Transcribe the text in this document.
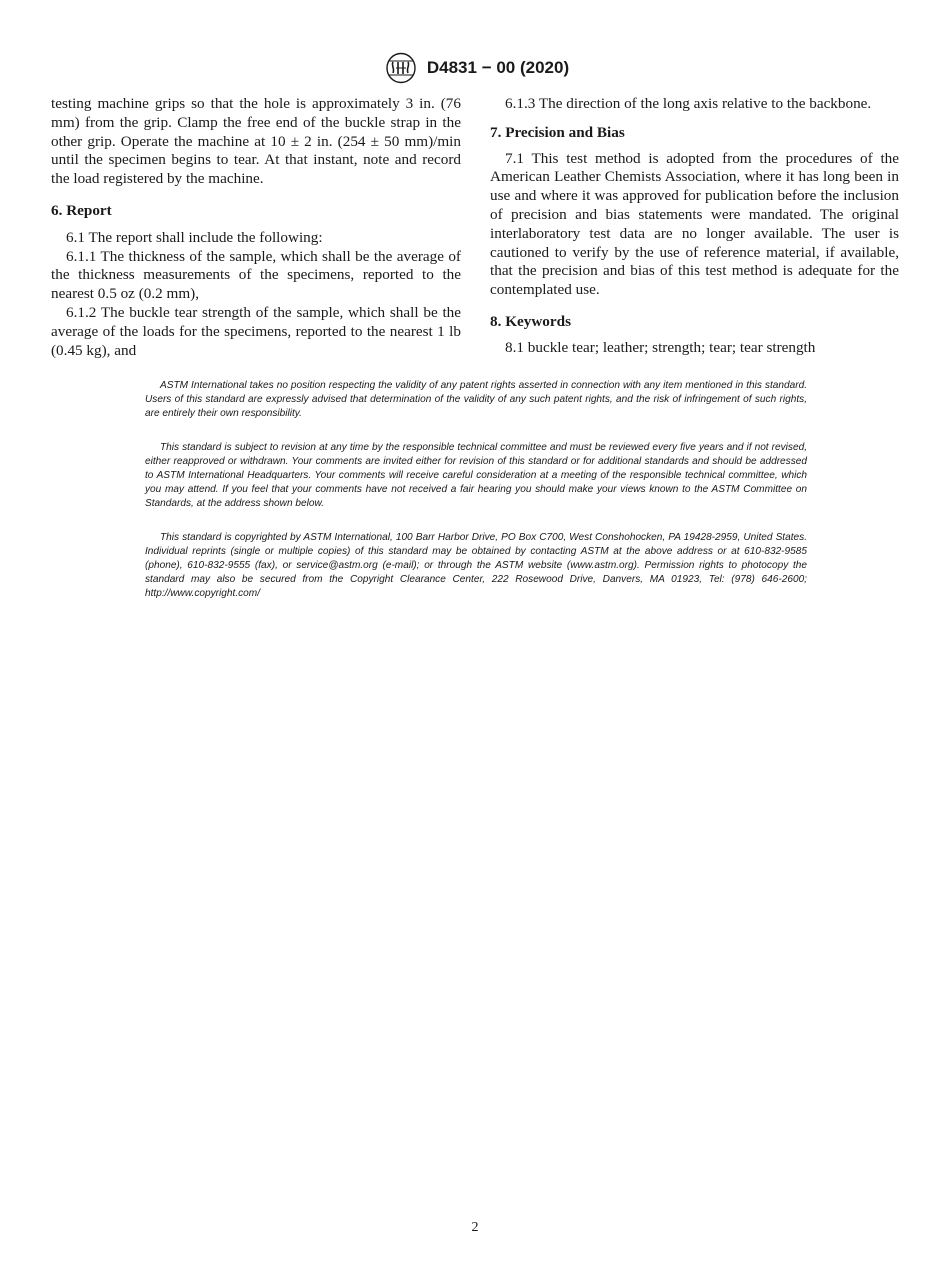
D4831 − 00 (2020)

testing machine grips so that the hole is approximately 3 in. (76 mm) from the grip. Clamp the free end of the buckle strap in the other grip. Operate the machine at 10 ± 2 in. (254 ± 50 mm)/min until the specimen begins to tear. At that instant, note and record the load registered by the machine.

6. Report

6.1 The report shall include the following:

6.1.1 The thickness of the sample, which shall be the average of the thickness measurements of the specimens, reported to the nearest 0.5 oz (0.2 mm),

6.1.2 The buckle tear strength of the sample, which shall be the average of the loads for the specimens, reported to the nearest 1 lb (0.45 kg), and

6.1.3 The direction of the long axis relative to the backbone.

7. Precision and Bias

7.1 This test method is adopted from the procedures of the American Leather Chemists Association, where it has long been in use and where it was approved for publication before the inclusion of precision and bias statements were mandated. The original interlaboratory test data are no longer available. The user is cautioned to verify by the use of reference material, if available, that the precision and bias of this test method is adequate for the contemplated use.

8. Keywords

8.1 buckle tear; leather; strength; tear; tear strength

ASTM International takes no position respecting the validity of any patent rights asserted in connection with any item mentioned in this standard. Users of this standard are expressly advised that determination of the validity of any such patent rights, and the risk of infringement of such rights, are entirely their own responsibility.

This standard is subject to revision at any time by the responsible technical committee and must be reviewed every five years and if not revised, either reapproved or withdrawn. Your comments are invited either for revision of this standard or for additional standards and should be addressed to ASTM International Headquarters. Your comments will receive careful consideration at a meeting of the responsible technical committee, which you may attend. If you feel that your comments have not received a fair hearing you should make your views known to the ASTM Committee on Standards, at the address shown below.

This standard is copyrighted by ASTM International, 100 Barr Harbor Drive, PO Box C700, West Conshohocken, PA 19428-2959, United States. Individual reprints (single or multiple copies) of this standard may be obtained by contacting ASTM at the above address or at 610-832-9585 (phone), 610-832-9555 (fax), or service@astm.org (e-mail); or through the ASTM website (www.astm.org). Permission rights to photocopy the standard may also be secured from the Copyright Clearance Center, 222 Rosewood Drive, Danvers, MA 01923, Tel: (978) 646-2600; http://www.copyright.com/

2
